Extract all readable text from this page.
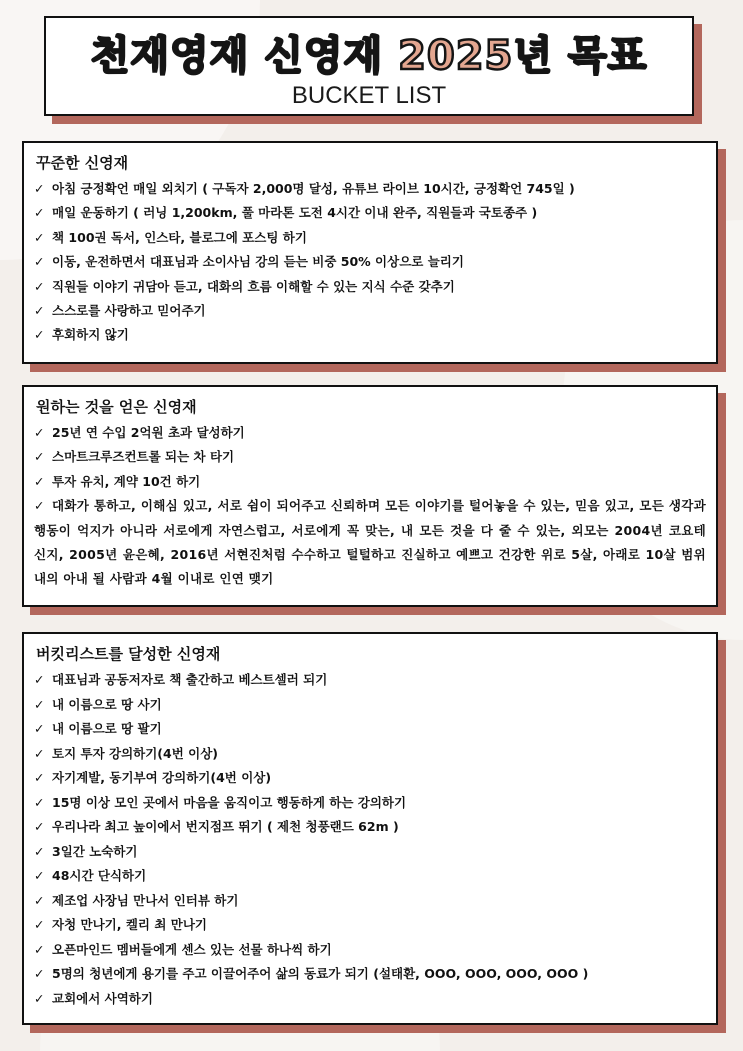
천재영재 신영재 2025년 목표
BUCKET LIST
꾸준한 신영재
✓ 아침 긍정확언 매일 외치기 ( 구독자 2,000명 달성, 유튜브 라이브 10시간, 긍정확언 745일 )
✓ 매일 운동하기 ( 러닝 1,200km, 풀 마라톤 도전 4시간 이내 완주, 직원들과 국토종주 )
✓ 책 100권 독서, 인스타, 블로그에 포스팅 하기
✓ 이동, 운전하면서 대표님과 소이사님 강의 듣는 비중 50% 이상으로 늘리기
✓ 직원들 이야기 귀담아 듣고, 대화의 흐름 이해할 수 있는 지식 수준 갖추기
✓ 스스로를 사랑하고 믿어주기
✓ 후회하지 않기
원하는 것을 얻은 신영재
✓ 25년 연 수입 2억원 초과 달성하기
✓ 스마트크루즈컨트롤 되는 차 타기
✓ 투자 유치, 계약 10건 하기
✓ 대화가 통하고, 이해심 있고, 서로 쉼이 되어주고 신뢰하며 모든 이야기를 털어놓을 수 있는, 믿음 있고, 모든 생각과 행동이 억지가 아니라 서로에게 자연스럽고, 서로에게 꼭 맞는, 내 모든 것을 다 줄 수 있는, 외모는 2004년 코요테 신지, 2005년 윤은혜, 2016년 서현진처럼 수수하고 털털하고 진실하고 예쁘고 건강한 위로 5살, 아래로 10살 범위 내의 아내 될 사람과 4월 이내로 인연 맺기
버킷리스트를 달성한 신영재
✓ 대표님과 공동저자로 책 출간하고 베스트셀러 되기
✓ 내 이름으로 땅 사기
✓ 내 이름으로 땅 팔기
✓ 토지 투자 강의하기(4번 이상)
✓ 자기계발, 동기부여 강의하기(4번 이상)
✓ 15명 이상 모인 곳에서 마음을 움직이고 행동하게 하는 강의하기
✓ 우리나라 최고 높이에서 번지점프 뛰기 ( 제천 청풍랜드 62m )
✓ 3일간 노숙하기
✓ 48시간 단식하기
✓ 제조업 사장님 만나서 인터뷰 하기
✓ 자청 만나기, 켈리 최 만나기
✓ 오픈마인드 멤버들에게 센스 있는 선물 하나씩 하기
✓ 5명의 청년에게 용기를 주고 이끌어주어 삶의 동료가 되기 (설태환, OOO, OOO, OOO, OOO )
✓ 교회에서 사역하기
